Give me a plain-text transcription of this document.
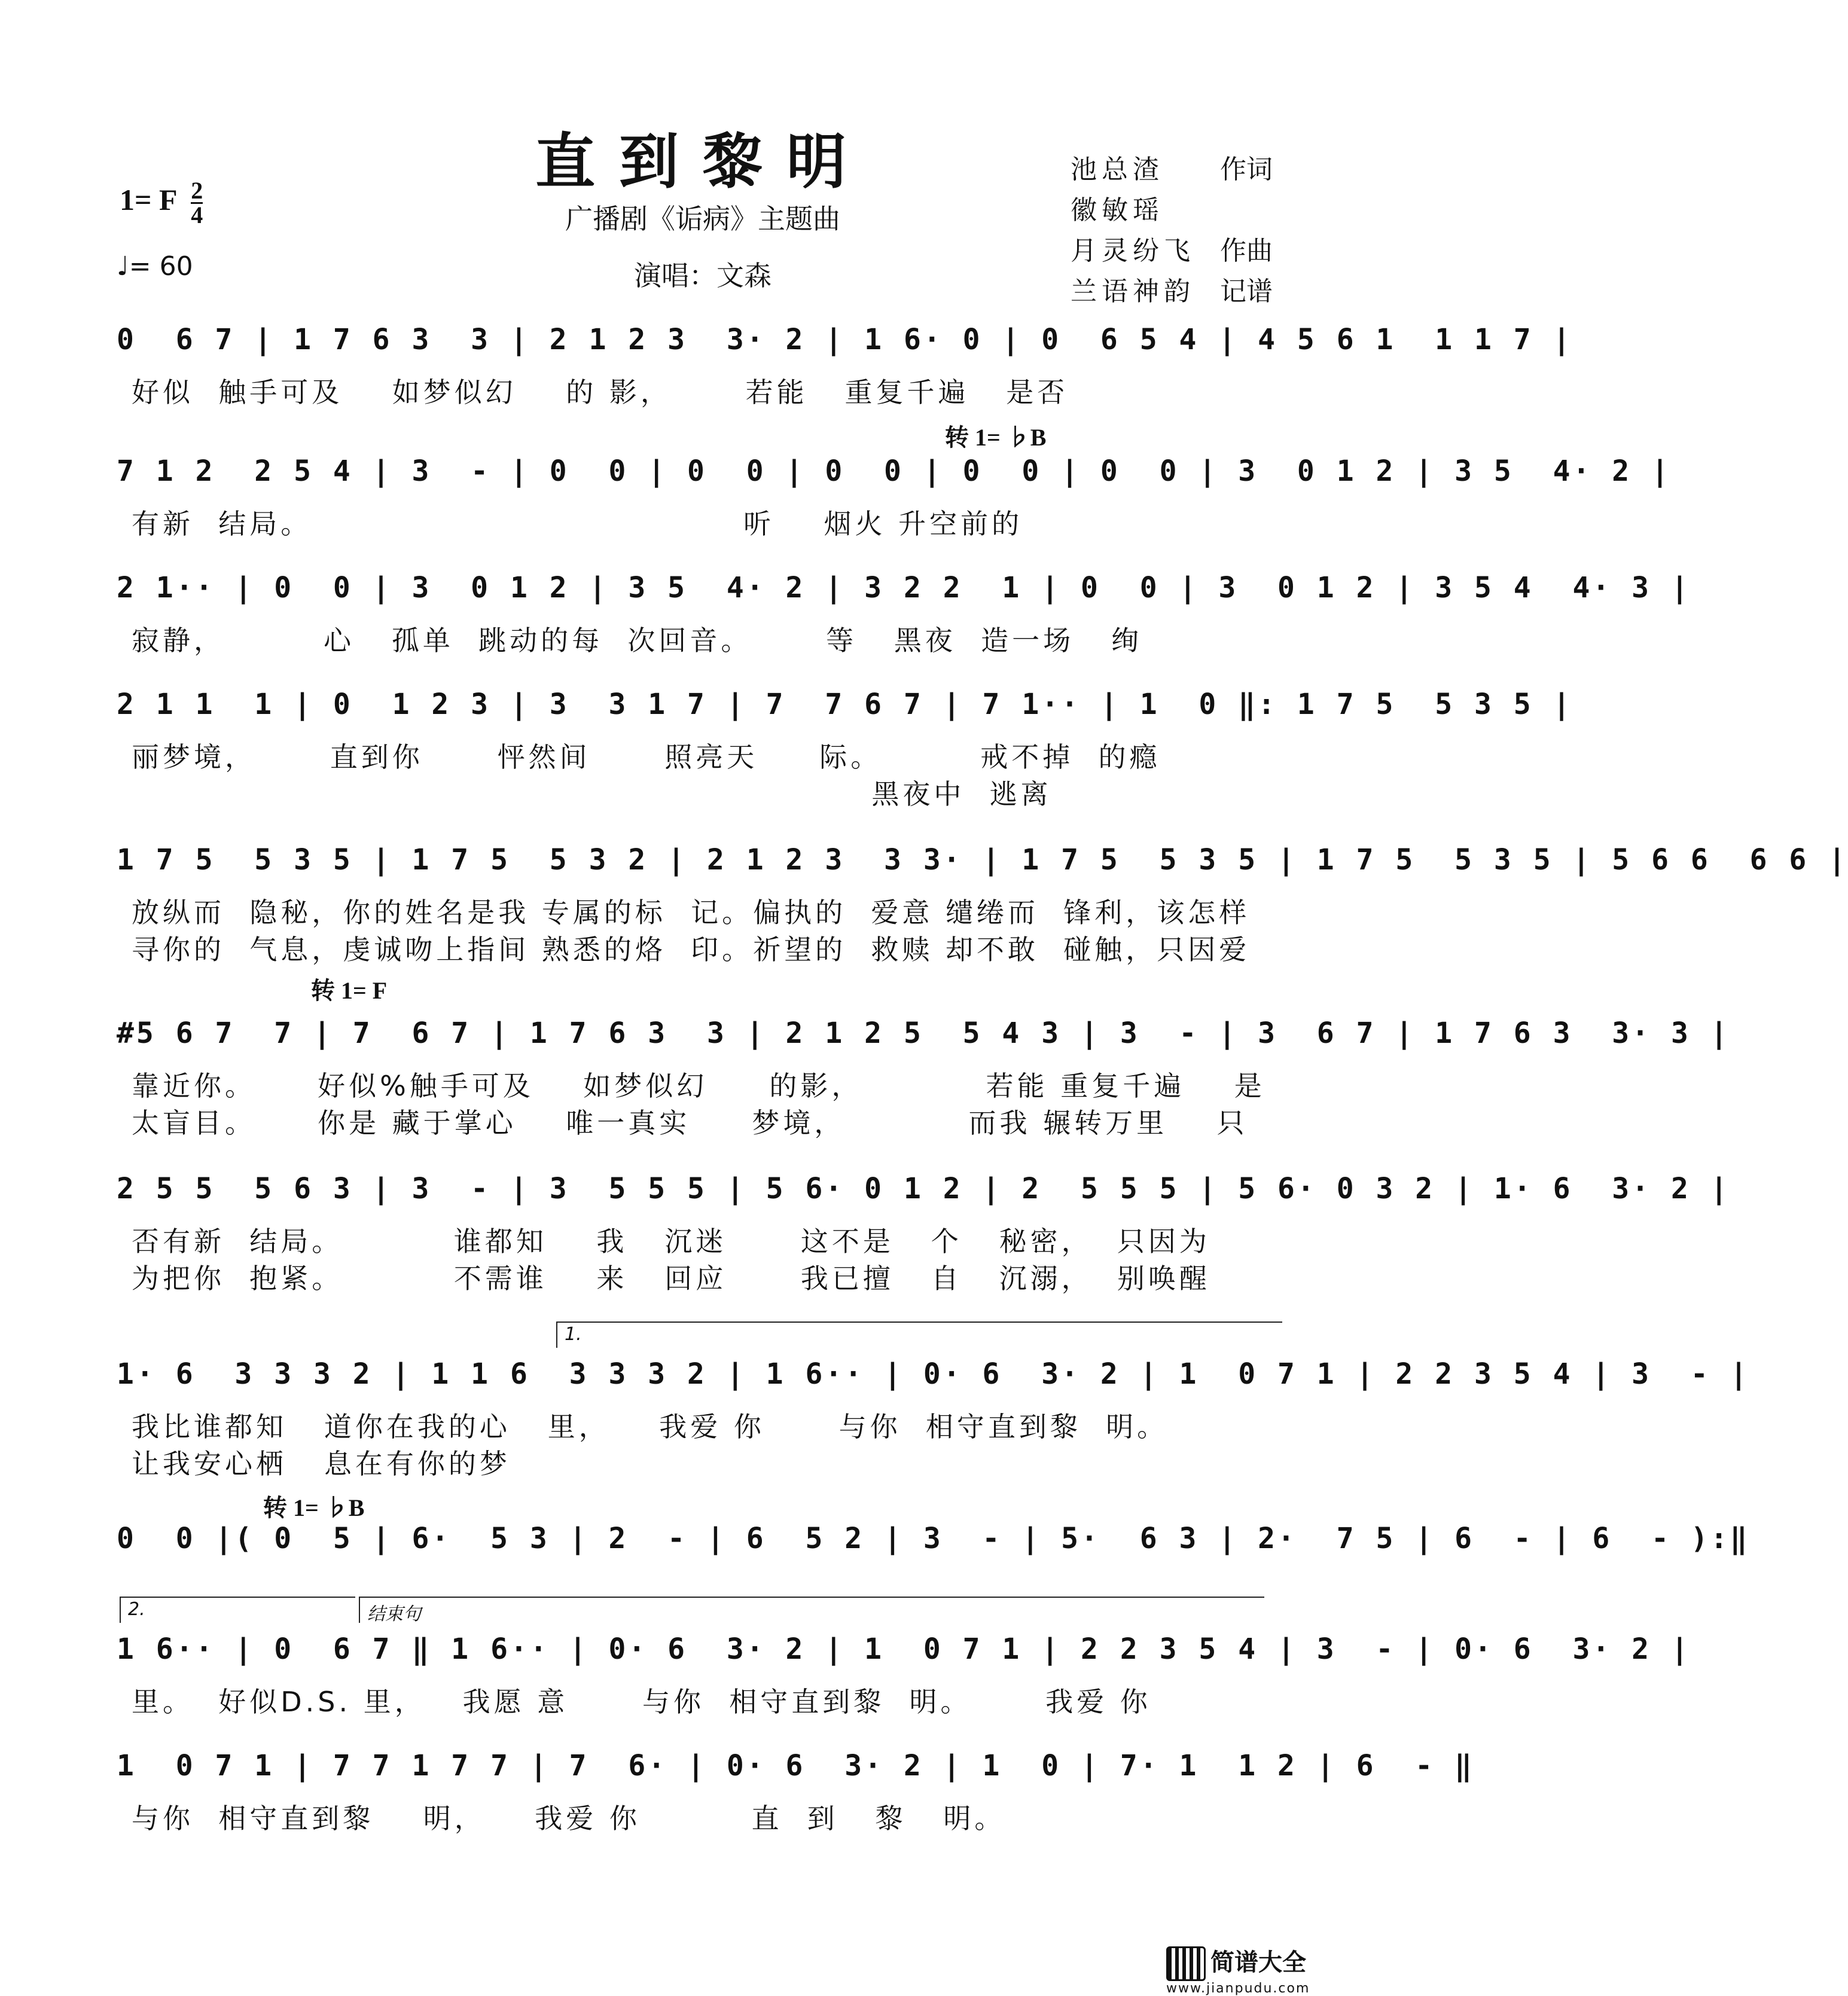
直到黎明
广播剧《诟病》主题曲
演唱：文森
1= F $\frac{2}{4}$
♩= 60
池总渣 作词
徽敏瑶
月灵纷飞 作曲
兰语神韵 记谱
转 1= ♭B
转 1= F
转 1= ♭B
1.
2.	结束句
0  6 7 | 1 7 6 3  3 | 2 1 2 3  3· 2 | 1 6· 0 | 0  6 5 4 | 4 5 6 1  1 1 7 |
好似  触手可及    如梦似幻    的 影，      若能   重复千遍   是否
7 1 2  2 5 4 | 3  - | 0  0 | 0  0 | 0  0 | 0  0 | 0  0 | 3  0 1 2 | 3 5  4· 2 |
有新  结局。                                   听    烟火 升空前的
2 1·· | 0  0 | 3  0 1 2 | 3 5  4· 2 | 3 2 2  1 | 0  0 | 3  0 1 2 | 3 5 4  4· 3 |
寂静，        心   孤单  跳动的每  次回音。      等   黑夜  造一场   绚
2 1 1  1 | 0  1 2 3 | 3  3 1 7 | 7  7 6 7 | 7 1·· | 1  0 ‖: 1 7 5  5 3 5 |
丽梦境，      直到你      怦然间      照亮天     际。        戒不掉  的瘾
黑夜中  逃离
1 7 5  5 3 5 | 1 7 5  5 3 2 | 2 1 2 3  3 3· | 1 7 5  5 3 5 | 1 7 5  5 3 5 | 5 6 6  6 6 |
放纵而  隐秘，你的姓名是我 专属的标  记。偏执的  爱意 缱绻而  锋利，该怎样
寻你的  气息，虔诚吻上指间 熟悉的烙  印。祈望的  救赎 却不敢  碰触，只因爱
#5 6 7  7 | 7  6 7 | 1 7 6 3  3 | 2 1 2 5  5 4 3 | 3  - | 3  6 7 | 1 7 6 3  3· 3 |
靠近你。     好似%触手可及    如梦似幻     的影，          若能 重复千遍    是
太盲目。     你是 藏于掌心    唯一真实     梦境，          而我 辗转万里    只
2 5 5  5 6 3 | 3  - | 3  5 5 5 | 5 6· 0 1 2 | 2  5 5 5 | 5 6· 0 3 2 | 1· 6  3· 2 |
否有新  结局。         谁都知    我   沉迷      这不是   个   秘密，  只因为
为把你  抱紧。         不需谁    来   回应      我已擅   自   沉溺，  别唤醒
1· 6  3 3 3 2 | 1 1 6  3 3 3 2 | 1 6·· | 0· 6  3· 2 | 1  0 7 1 | 2 2 3 5 4 | 3  - |
我比谁都知   道你在我的心   里，    我爱 你      与你  相守直到黎  明。
让我安心栖   息在有你的梦
0  0 |( 0  5 | 6·  5 3 | 2  - | 6  5 2 | 3  - | 5·  6 3 | 2·  7 5 | 6  - | 6  - ):‖
1 6·· | 0  6 7 ‖ 1 6·· | 0· 6  3· 2 | 1  0 7 1 | 2 2 3 5 4 | 3  - | 0· 6  3· 2 |
里。  好似D.S. 里，   我愿 意      与你  相守直到黎  明。      我爱 你
1  0 7 1 | 7 7 1 7 7 | 7  6· | 0· 6  3· 2 | 1  0 | 7· 1  1 2 | 6  - ‖
与你  相守直到黎    明，    我爱 你         直  到   黎   明。
简谱大全
www.jianpudu.com
